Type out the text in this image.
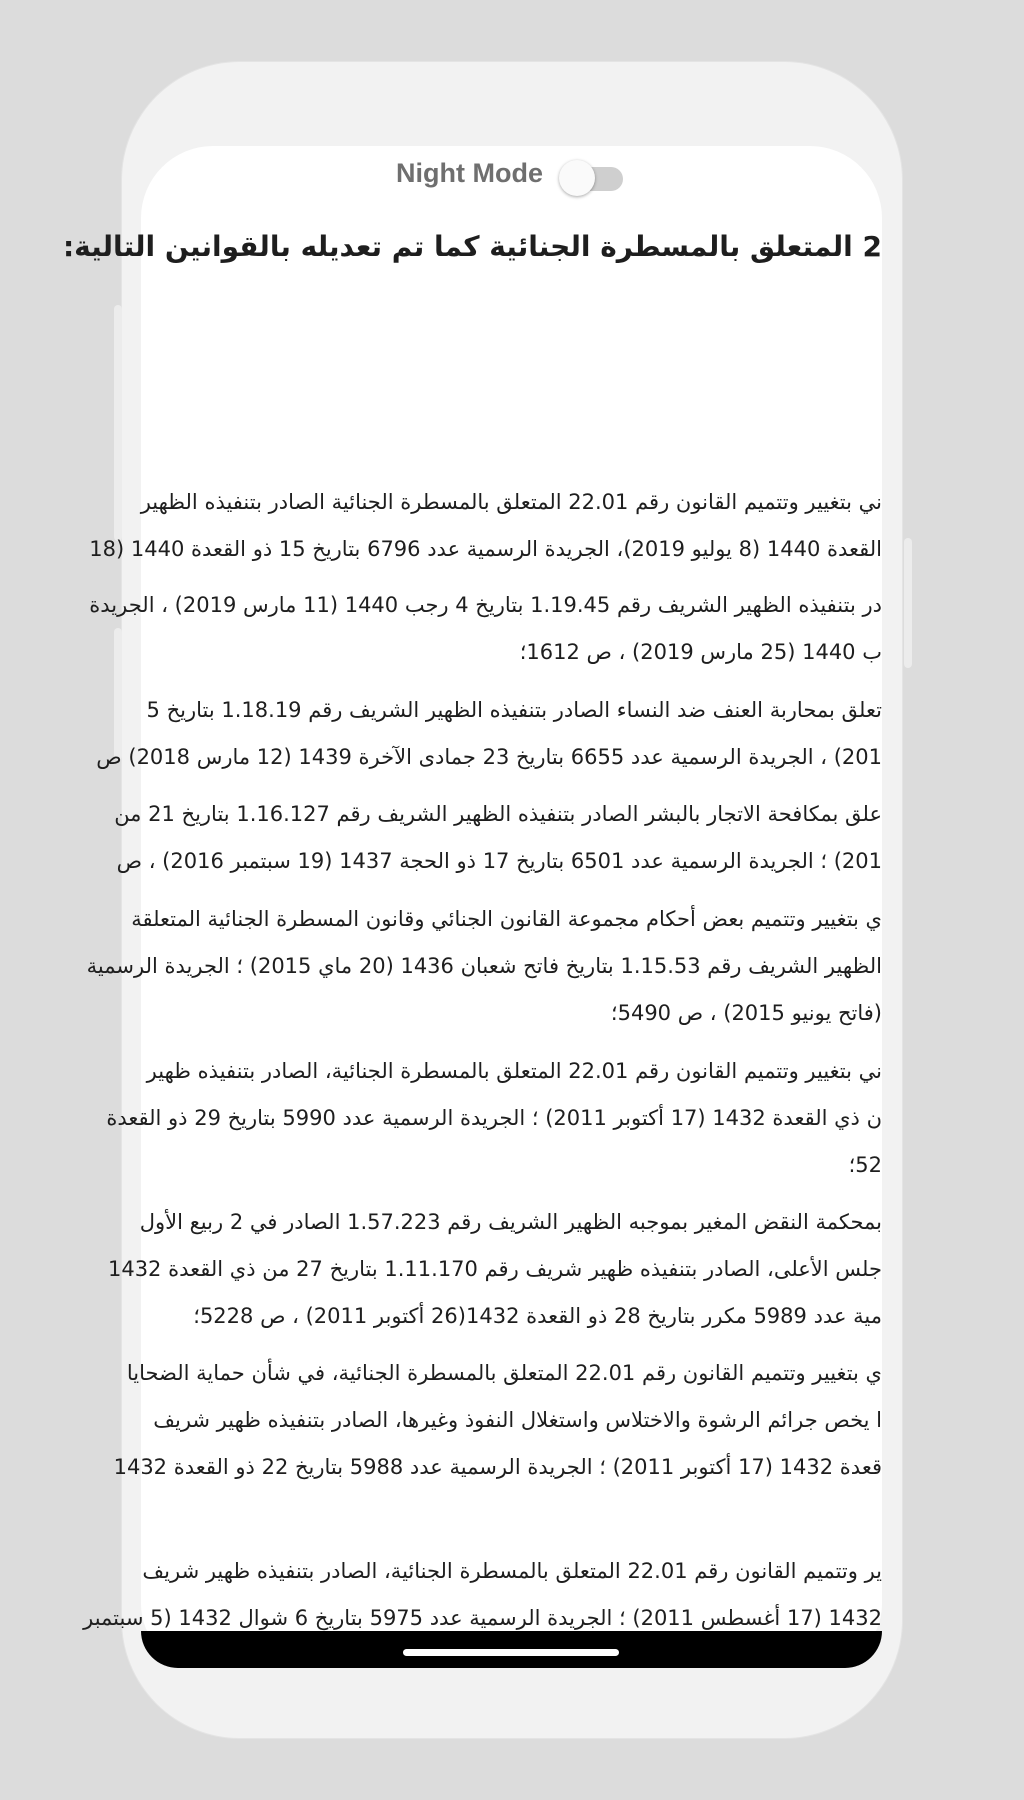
Night Mode
2 المتعلق بالمسطرة الجنائية كما تم تعديله بالقوانين التالية:
ني بتغيير وتتميم القانون رقم 22.01 المتعلق بالمسطرة الجنائية الصادر بتنفيذه الظهير
القعدة 1440 (8 يوليو 2019)، الجريدة الرسمية عدد 6796 بتاريخ 15 ذو القعدة 1440 (18
در بتنفيذه الظهير الشريف رقم 1.19.45 بتاريخ 4 رجب 1440 (11 مارس 2019) ، الجريدة
ب 1440 (25 مارس 2019) ، ص 1612؛
تعلق بمحاربة العنف ضد النساء الصادر بتنفيذه الظهير الشريف رقم 1.18.19 بتاريخ 5
201) ، الجريدة الرسمية عدد 6655 بتاريخ 23 جمادى الآخرة 1439 (12 مارس 2018) ص
علق بمكافحة الاتجار بالبشر الصادر بتنفيذه الظهير الشريف رقم 1.16.127 بتاريخ 21 من
201) ؛ الجريدة الرسمية عدد 6501 بتاريخ 17 ذو الحجة 1437 (19 سبتمبر 2016) ، ص
ي بتغيير وتتميم بعض أحكام مجموعة القانون الجنائي وقانون المسطرة الجنائية المتعلقة
الظهير الشريف رقم 1.15.53 بتاريخ فاتح شعبان 1436 (20 ماي 2015) ؛ الجريدة الرسمية
(فاتح يونيو 2015) ، ص 5490؛
ني بتغيير وتتميم القانون رقم 22.01 المتعلق بالمسطرة الجنائية، الصادر بتنفيذه ظهير
ن ذي القعدة 1432 (17 أكتوبر 2011) ؛ الجريدة الرسمية عدد 5990 بتاريخ 29 ذو القعدة
52؛
بمحكمة النقض المغير بموجبه الظهير الشريف رقم 1.57.223 الصادر في 2 ربيع الأول
جلس الأعلى، الصادر بتنفيذه ظهير شريف رقم 1.11.170 بتاريخ 27 من ذي القعدة 1432
مية عدد 5989 مكرر بتاريخ 28 ذو القعدة 1432(26 أكتوبر 2011) ، ص 5228؛
ي بتغيير وتتميم القانون رقم 22.01 المتعلق بالمسطرة الجنائية، في شأن حماية الضحايا
ا يخص جرائم الرشوة والاختلاس واستغلال النفوذ وغيرها، الصادر بتنفيذه ظهير شريف
قعدة 1432 (17 أكتوبر 2011) ؛ الجريدة الرسمية عدد 5988 بتاريخ 22 ذو القعدة 1432
ير وتتميم القانون رقم 22.01 المتعلق بالمسطرة الجنائية، الصادر بتنفيذه ظهير شريف
1432 (17 أغسطس 2011) ؛ الجريدة الرسمية عدد 5975 بتاريخ 6 شوال 1432 (5 سبتمبر
